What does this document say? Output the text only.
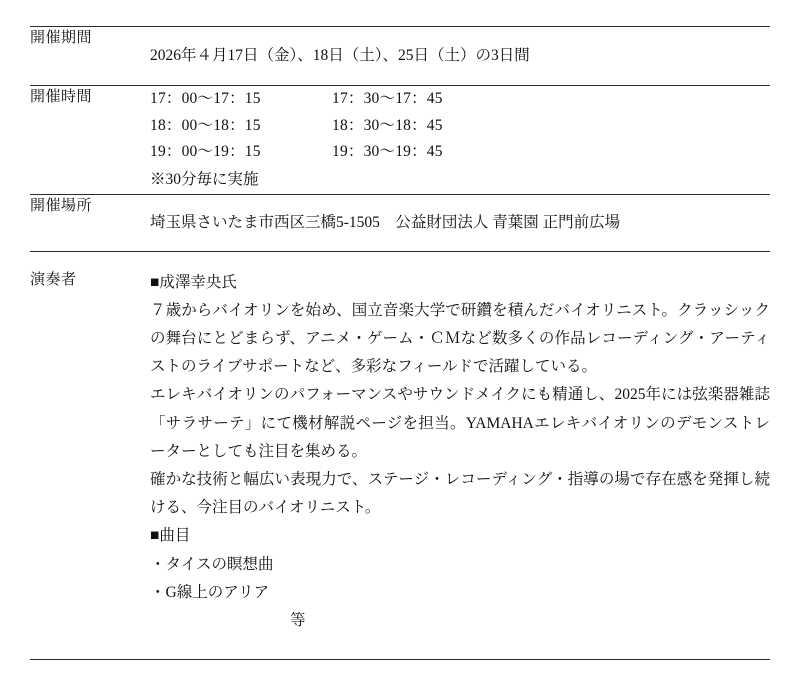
開催期間	2026年４月17日（金）、18日（土）、25日（土）の3日間
開催時間	17：00〜17：15	17：30〜17：45
18：00〜18：15	18：30〜18：45
19：00〜19：15	19：30〜19：45
※30分毎に実施

開催場所	埼玉県さいたま市西区三橋5-1505　公益財団法人 青葉園 正門前広場
演奏者	■成澤幸央氏

７歳からバイオリンを始め、国立音楽大学で研鑽を積んだバイオリニスト。クラッシックの舞台にとどまらず、アニメ・ゲーム・ＣＭなど数多くの作品レコーディング・アーティストのライブサポートなど、多彩なフィールドで活躍している。

エレキバイオリンのパフォーマンスやサウンドメイクにも精通し、2025年には弦楽器雑誌「サラサーテ」にて機材解説ページを担当。YAMAHAエレキバイオリンのデモンストレーターとしても注目を集める。

確かな技術と幅広い表現力で、ステージ・レコーディング・指導の場で存在感を発揮し続ける、今注目のバイオリニスト。

■曲目

・タイスの瞑想曲

・G線上のアリア

等
